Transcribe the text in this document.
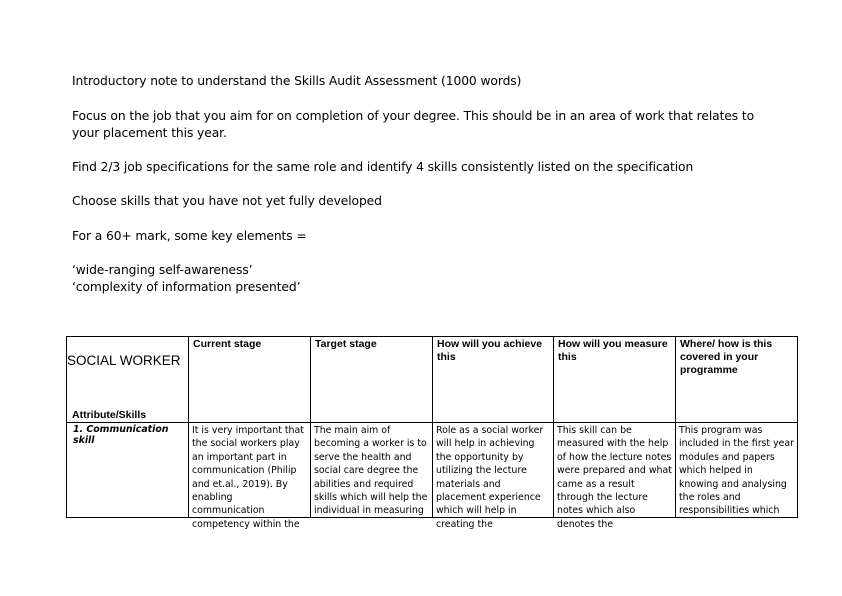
Introductory note to understand the Skills Audit Assessment (1000 words)

Focus on the job that you aim for on completion of your degree. This should be in an area of work that relates to your placement this year.

Find 2/3 job specifications for the same role and identify 4 skills consistently listed on the specification

Choose skills that you have not yet fully developed

For a 60+ mark, some key elements =

‘wide-ranging self-awareness’

‘complexity of information presented’

SOCIAL WORKER
Attribute/Skills	Current stage	Target stage	How will you achieve this	How will you measure this	Where/ how is this covered in your programme
1. Communication skill	It is very important that the social workers play an important part in communication (Philip and et.al., 2019). By enabling communication competency within the	The main aim of becoming a worker is to serve the health and social care degree the abilities and required skills which will help the individual in measuring	Role as a social worker will help in achieving the opportunity by utilizing the lecture materials and placement experience which will help in creating the	This skill can be measured with the help of how the lecture notes were prepared and what came as a result through the lecture notes which also denotes the	This program was included in the first year modules and papers which helped in knowing and analysing the roles and responsibilities which
